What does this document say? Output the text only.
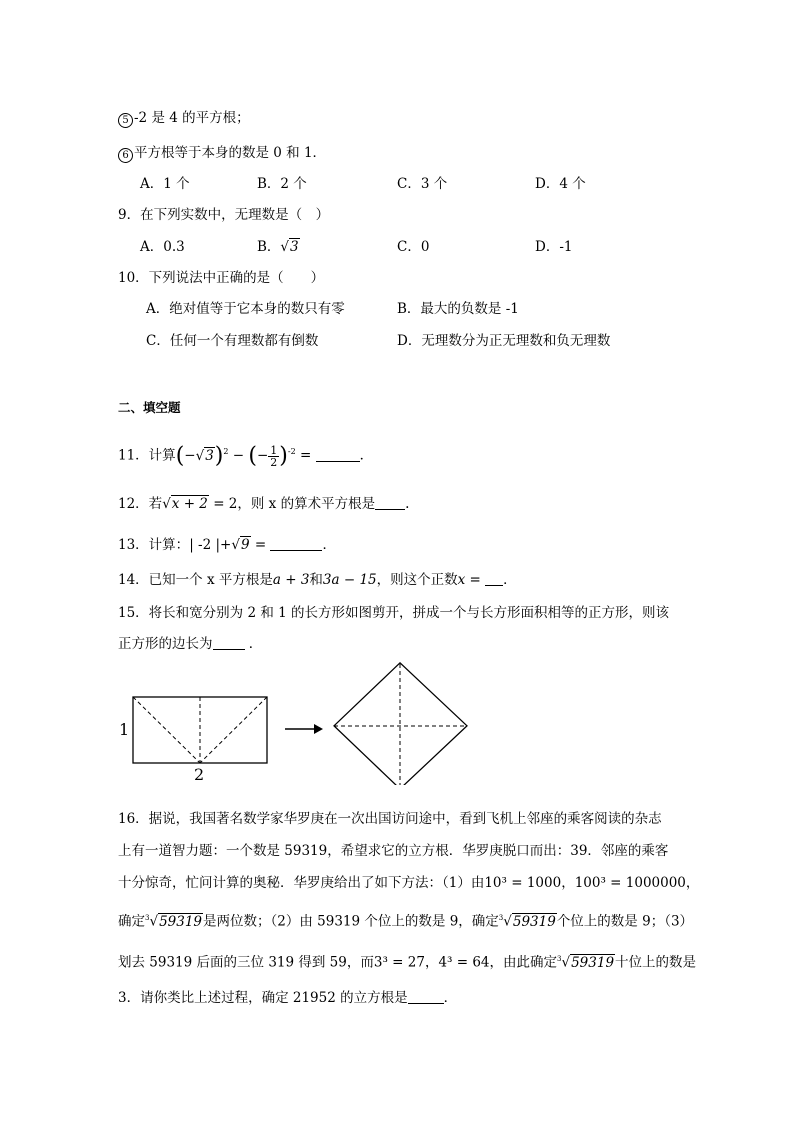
5 -2 是 4 的平方根；
6 平方根等于本身的数是 0 和 1．
A．1 个	B．2 个	C．3 个	D．4 个
9．在下列实数中，无理数是（　）
A．0.3	B．√3	C．0	D．-1
10．下列说法中正确的是（　　）
A．绝对值等于它本身的数只有零	B．最大的负数是 -1
C．任何一个有理数都有倒数	D．无理数分为正无理数和负无理数
二、填空题
11．计算$(-√3)^2$ − (− $\frac{1}{2} )^{-2}$ =	．
12．若√x + 2 = 2，则 x 的算术平方根是 .
13．计算：| -2 |+√9 =	．
14．已知一个 x 平方根是a + 3和3a − 15，则这个正数x = ．
15．将长和宽分别为 2 和 1 的长方形如图剪开，拼成一个与长方形面积相等的正方形，则该
正方形的边长为	．
1
2
16．据说，我国著名数学家华罗庚在一次出国访问途中，看到飞机上邻座的乘客阅读的杂志
上有一道智力题：一个数是 59319，希望求它的立方根．华罗庚脱口而出：39．邻座的乘客
十分惊奇，忙问计算的奥秘．华罗庚给出了如下方法：（1）由10³ = 1000，100³ = 1000000，
确定$^3$√59319是两位数；（2）由 59319 个位上的数是 9，确定$^3$√59319个位上的数是 9；（3）
划去 59319 后面的三位 319 得到 59，而3³ = 27，4³ = 64，由此确定$^3$√59319十位上的数是
3．请你类比上述过程，确定 21952 的立方根是	．
